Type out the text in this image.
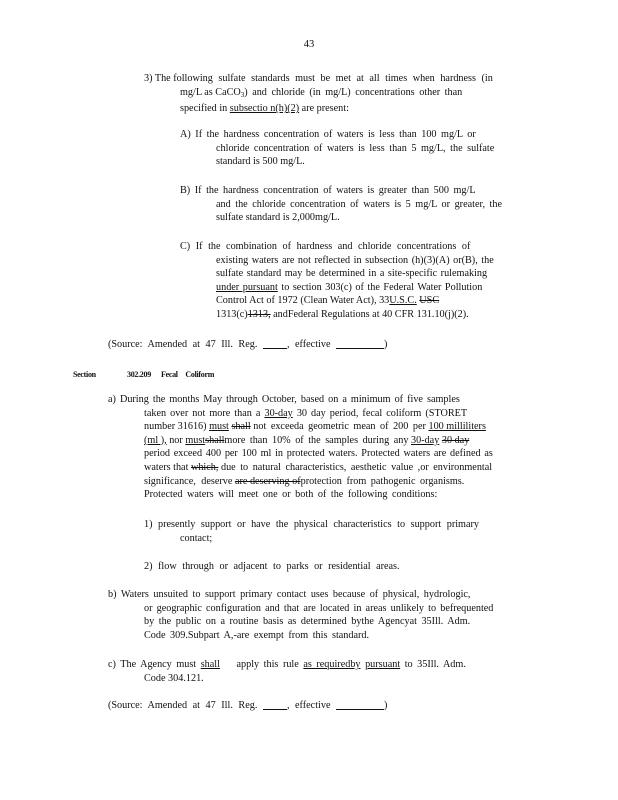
43
3) The following sulfate standards must be met at all times when hardness (in
mg/L as CaCO$_3$) and chloride (in mg/L) concentrations other than
specified in subsectio n(h)(2) are present:
A) If the hardness concentration of waters is less than 100 mg/L or
chloride concentration of waters is less than 5 mg/L, the sulfate
standard is 500 mg/L.
B) If the hardness concentration of waters is greater than 500 mg/L
and the chloride concentration of waters is 5 mg/L or greater, the
sulfate standard is 2,000mg/L.
C) If the combination of hardness and chloride concentrations of
existing waters are not reflected in subsection (h)(3)(A) or(B), the
sulfate standard may be determined in a site-specific rulemaking
under pursuant to section 303(c) of the Federal Water Pollution
Control Act of 1972 (Clean Water Act), 33U.S.C. USC
1313(c)1313, andFederal Regulations at 40 CFR 131.10(j)(2).
(Source: Amended at 47 Ill. Reg.	, effective	)
Section	302.209 Fecal Coliform
a) During the months May through October, based on a minimum of five samples
taken over not more than a 30-day 30 day period, fecal coliform (STORET
number 31616) must shall not exceeda geometric mean of 200 per 100 milliliters
(ml ), nor mustshallmore than 10% of the samples during any 30-day 30 day
period exceed 400 per 100 ml in protected waters. Protected waters are defined as
waters that which, due to natural characteristics, aesthetic value ,or environmental
significance, deserve are deserving ofprotection from pathogenic organisms.
Protected waters will meet one or both of the following conditions:
1) presently support or have the physical characteristics to support primary
contact;
2) flow through or adjacent to parks or residential areas.
b) Waters unsuited to support primary contact uses because of physical, hydrologic,
or geographic configuration and that are located in areas unlikely to befrequented
by the public on a routine basis as determined bythe Agencyat 35Ill. Adm.
Code 309.Subpart A,-are exempt from this standard.
c) The Agency must shall apply this rule as requiredby pursuant to 35Ill. Adm.
Code 304.121.
(Source: Amended at 47 Ill. Reg.	, effective	)
